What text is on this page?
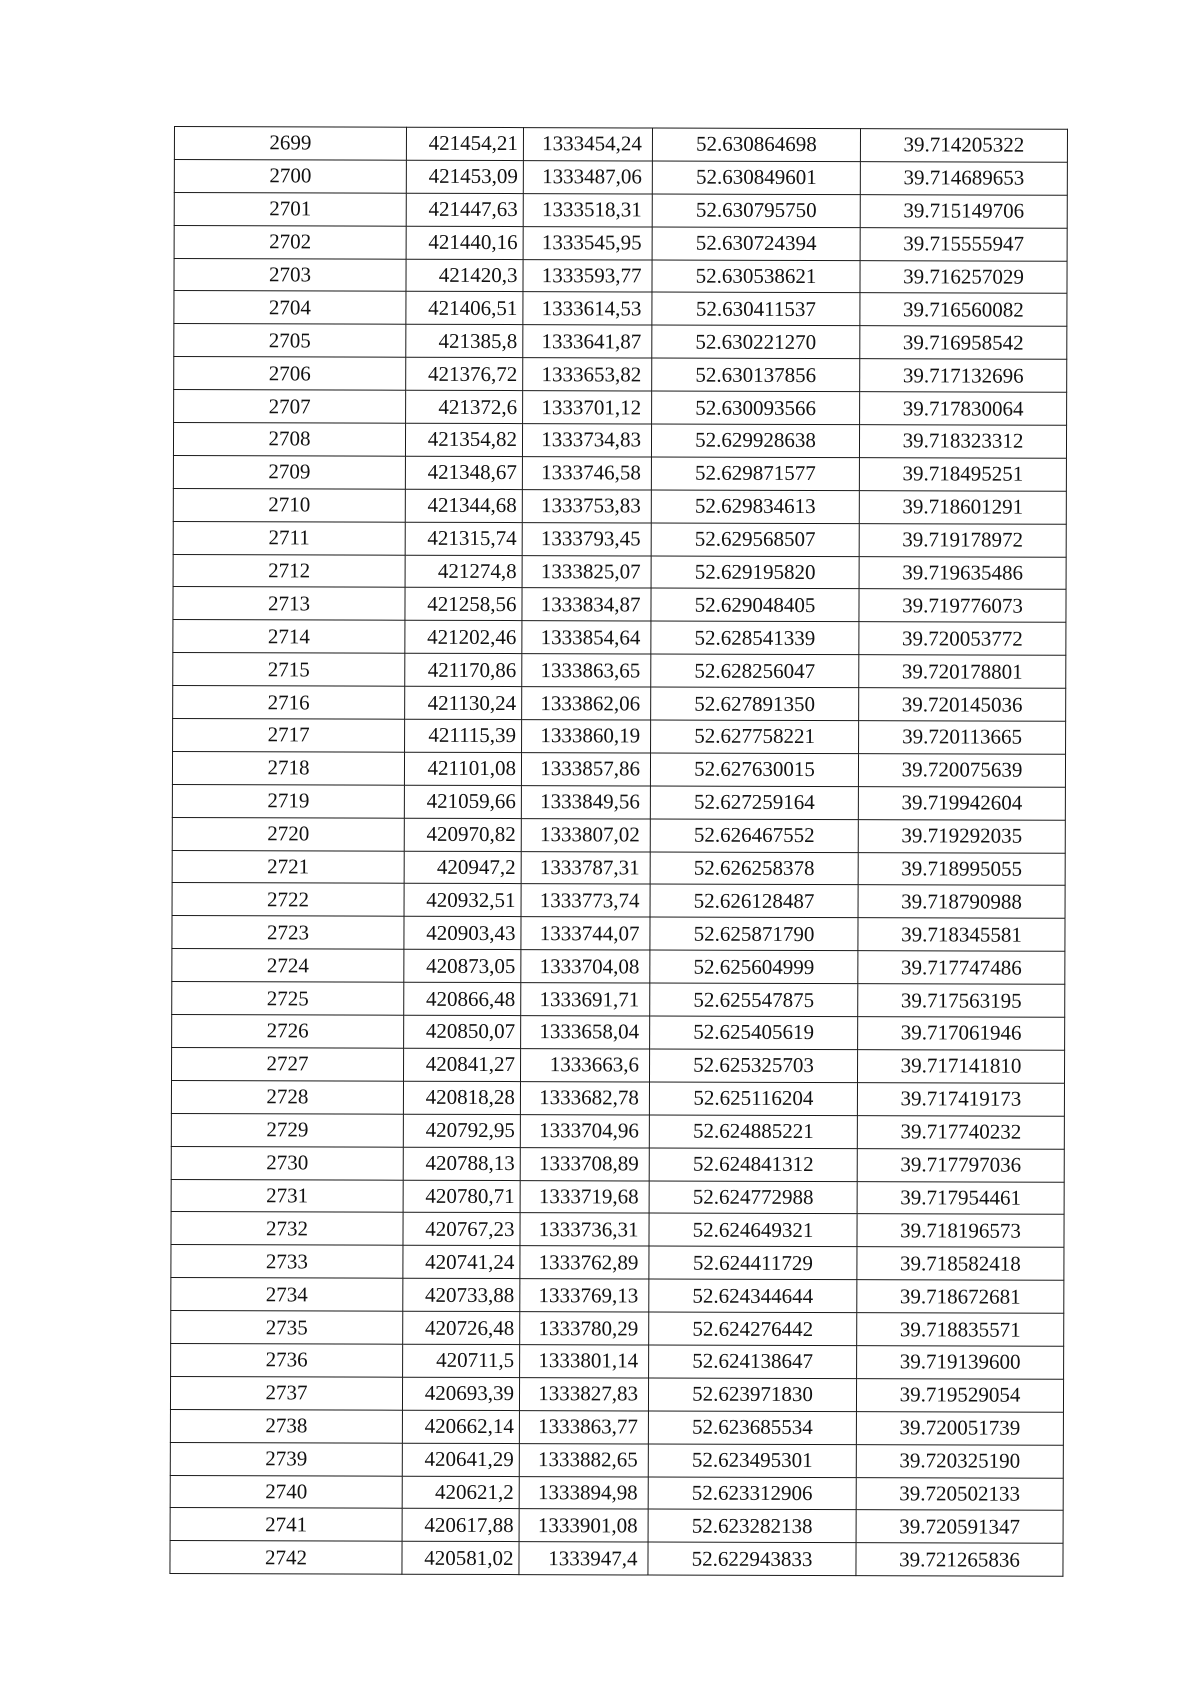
2699	421454,21	1333454,24	52.630864698	39.714205322
2700	421453,09	1333487,06	52.630849601	39.714689653
2701	421447,63	1333518,31	52.630795750	39.715149706
2702	421440,16	1333545,95	52.630724394	39.715555947
2703	421420,3	1333593,77	52.630538621	39.716257029
2704	421406,51	1333614,53	52.630411537	39.716560082
2705	421385,8	1333641,87	52.630221270	39.716958542
2706	421376,72	1333653,82	52.630137856	39.717132696
2707	421372,6	1333701,12	52.630093566	39.717830064
2708	421354,82	1333734,83	52.629928638	39.718323312
2709	421348,67	1333746,58	52.629871577	39.718495251
2710	421344,68	1333753,83	52.629834613	39.718601291
2711	421315,74	1333793,45	52.629568507	39.719178972
2712	421274,8	1333825,07	52.629195820	39.719635486
2713	421258,56	1333834,87	52.629048405	39.719776073
2714	421202,46	1333854,64	52.628541339	39.720053772
2715	421170,86	1333863,65	52.628256047	39.720178801
2716	421130,24	1333862,06	52.627891350	39.720145036
2717	421115,39	1333860,19	52.627758221	39.720113665
2718	421101,08	1333857,86	52.627630015	39.720075639
2719	421059,66	1333849,56	52.627259164	39.719942604
2720	420970,82	1333807,02	52.626467552	39.719292035
2721	420947,2	1333787,31	52.626258378	39.718995055
2722	420932,51	1333773,74	52.626128487	39.718790988
2723	420903,43	1333744,07	52.625871790	39.718345581
2724	420873,05	1333704,08	52.625604999	39.717747486
2725	420866,48	1333691,71	52.625547875	39.717563195
2726	420850,07	1333658,04	52.625405619	39.717061946
2727	420841,27	1333663,6	52.625325703	39.717141810
2728	420818,28	1333682,78	52.625116204	39.717419173
2729	420792,95	1333704,96	52.624885221	39.717740232
2730	420788,13	1333708,89	52.624841312	39.717797036
2731	420780,71	1333719,68	52.624772988	39.717954461
2732	420767,23	1333736,31	52.624649321	39.718196573
2733	420741,24	1333762,89	52.624411729	39.718582418
2734	420733,88	1333769,13	52.624344644	39.718672681
2735	420726,48	1333780,29	52.624276442	39.718835571
2736	420711,5	1333801,14	52.624138647	39.719139600
2737	420693,39	1333827,83	52.623971830	39.719529054
2738	420662,14	1333863,77	52.623685534	39.720051739
2739	420641,29	1333882,65	52.623495301	39.720325190
2740	420621,2	1333894,98	52.623312906	39.720502133
2741	420617,88	1333901,08	52.623282138	39.720591347
2742	420581,02	1333947,4	52.622943833	39.721265836
